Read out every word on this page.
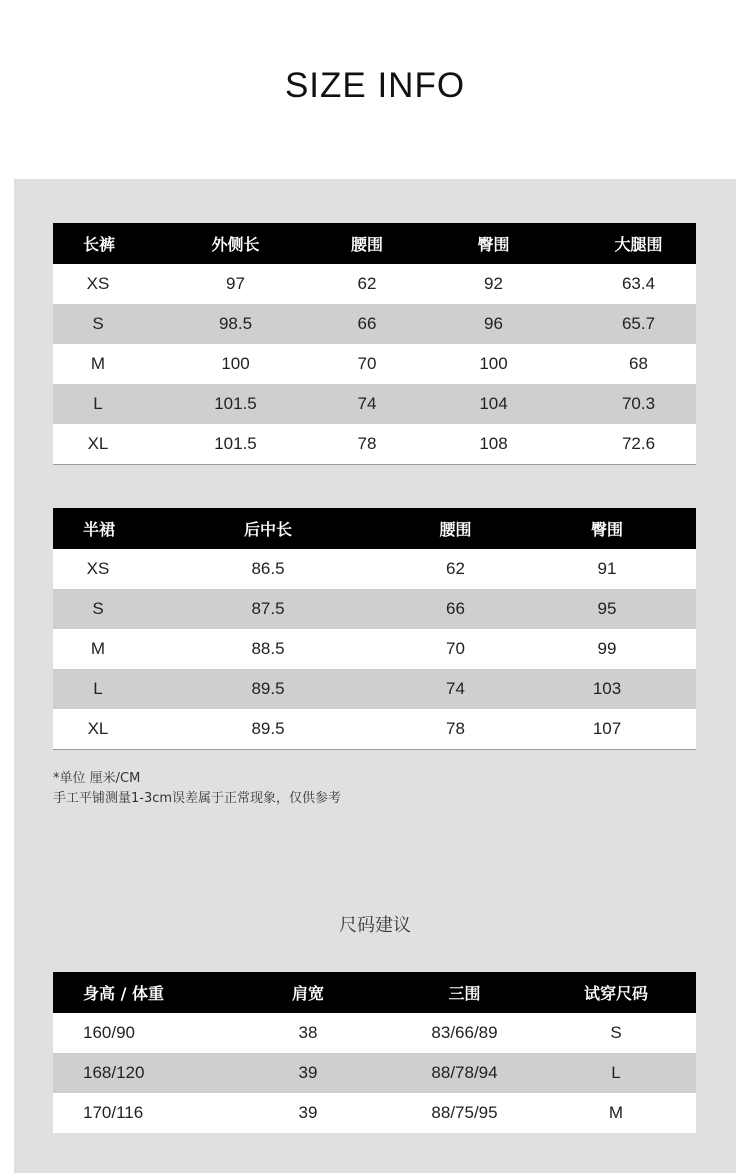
SIZE INFO
长裤	外侧长	腰围	臀围	大腿围
XS	97	62	92	63.4
S	98.5	66	96	65.7
M	100	70	100	68
L	101.5	74	104	70.3
XL	101.5	78	108	72.6
半裙	后中长	腰围	臀围
XS	86.5	62	91
S	87.5	66	95
M	88.5	70	99
L	89.5	74	103
XL	89.5	78	107
*单位 厘米/CM
手工平铺测量1-3cm误差属于正常现象，仅供参考
尺码建议
身高 / 体重	肩宽	三围	试穿尺码
160/90	38	83/66/89	S
168/120	39	88/78/94	L
170/116	39	88/75/95	M
